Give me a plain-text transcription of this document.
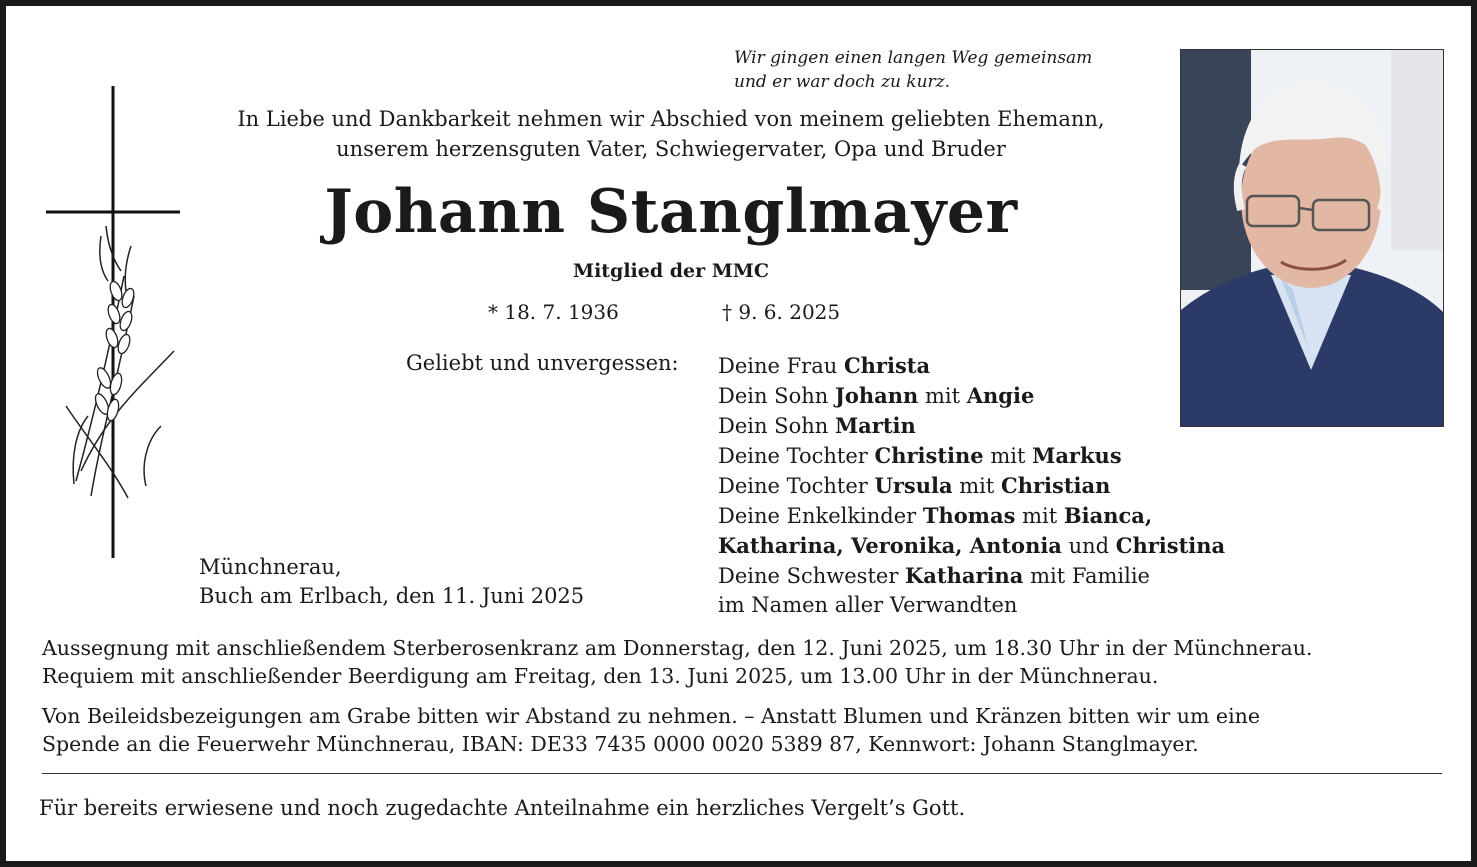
Wir gingen einen langen Weg gemeinsam
und er war doch zu kurz.
In Liebe und Dankbarkeit nehmen wir Abschied von meinem geliebten Ehemann,
unserem herzensguten Vater, Schwiegervater, Opa und Bruder
Johann Stanglmayer
Mitglied der MMC
* 18. 7. 1936	† 9. 6. 2025
Geliebt und unvergessen: Deine Frau Christa
Dein Sohn Johann mit Angie
Dein Sohn Martin
Deine Tochter Christine mit Markus
Deine Tochter Ursula mit Christian
Deine Enkelkinder Thomas mit Bianca,
Katharina, Veronika, Antonia und Christina
Deine Schwester Katharina mit Familie
im Namen aller Verwandten
Münchnerau,
Buch am Erlbach, den 11. Juni 2025
Aussegnung mit anschließendem Sterberosenkranz am Donnerstag, den 12. Juni 2025, um 18.30 Uhr in der Münchnerau.
Requiem mit anschließender Beerdigung am Freitag, den 13. Juni 2025, um 13.00 Uhr in der Münchnerau.
Von Beileidsbezeigungen am Grabe bitten wir Abstand zu nehmen. – Anstatt Blumen und Kränzen bitten wir um eine
Spende an die Feuerwehr Münchnerau, IBAN: DE33 7435 0000 0020 5389 87, Kennwort: Johann Stanglmayer.
Für bereits erwiesene und noch zugedachte Anteilnahme ein herzliches Vergelt’s Gott.
